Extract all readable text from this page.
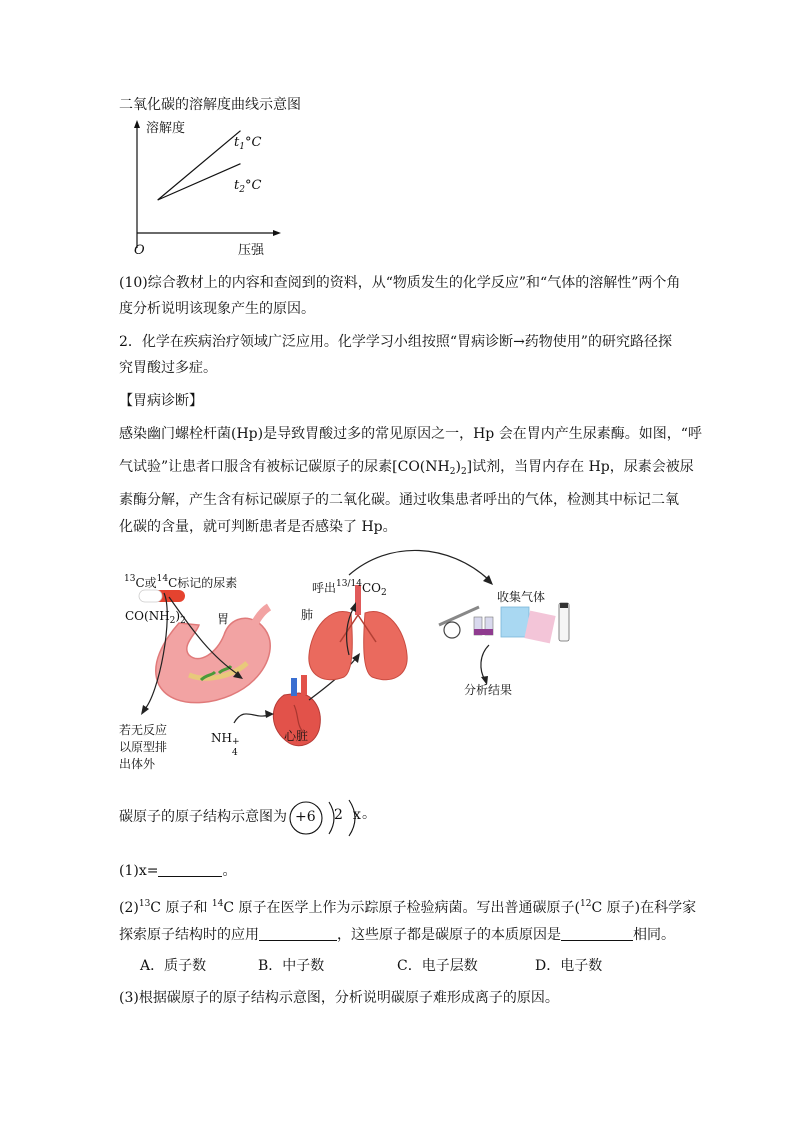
二氧化碳的溶解度曲线示意图
溶解度
O	压强
$t_1^\circ C$
$t_2^\circ C$
(10)综合教材上的内容和查阅到的资料，从“物质发生的化学反应”和“气体的溶解性”两个角
度分析说明该现象产生的原因。
2．化学在疾病治疗领域广泛应用。化学学习小组按照“胃病诊断→药物使用”的研究路径探
究胃酸过多症。
【胃病诊断】
感染幽门螺栓杆菌(Hp)是导致胃酸过多的常见原因之一，Hp 会在胃内产生尿素酶。如图，“呼
气试验”让患者口服含有被标记碳原子的尿素$[CO(NH_2)_2]$试剂，当胃内存在 Hp，尿素会被尿
素酶分解，产生含有标记碳原子的二氧化碳。通过收集患者呼出的气体，检测其中标记二氧
化碳的含量，就可判断患者是否感染了 Hp。
$^{13}$C或$^{14}$C标记的尿素
$CO(NH_2)_2$	胃
呼出$^{13/14}CO_2$
肺
收集气体
分析结果
若无反应
以原型排
出体外
NH +
4
心脏
碳原子的原子结构示意图为 +6 2 x 。
(1)x=	。
$(2)^{13}C$ 原子和 $^{14}$C 原子在医学上作为示踪原子检验病菌。写出普通碳原子($^{12}$C 原子)在科学家
探索原子结构时的应用	，这些原子都是碳原子的本质原因是	相同。
A．质子数	B．中子数	C．电子层数	D．电子数
(3)根据碳原子的原子结构示意图，分析说明碳原子难形成离子的原因。
